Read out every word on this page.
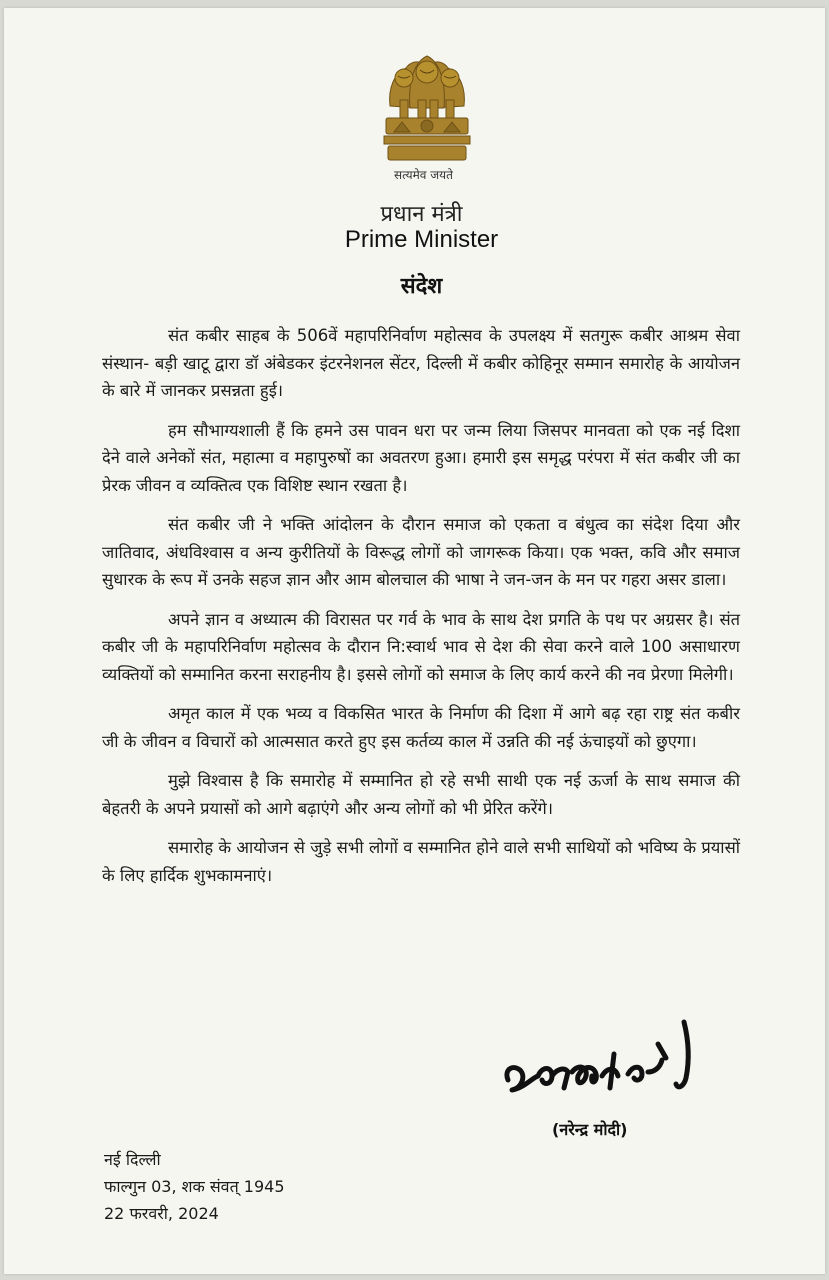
सत्यमेव जयते
प्रधान मंत्री
Prime Minister
संदेश

संत कबीर साहब के 506वें महापरिनिर्वाण महोत्सव के उपलक्ष्य में सतगुरू कबीर आश्रम सेवा संस्थान- बड़ी खाटू द्वारा डॉ अंबेडकर इंटरनेशनल सेंटर, दिल्ली में कबीर कोहिनूर सम्मान समारोह के आयोजन के बारे में जानकर प्रसन्नता हुई।

हम सौभाग्यशाली हैं कि हमने उस पावन धरा पर जन्म लिया जिसपर मानवता को एक नई दिशा देने वाले अनेकों संत, महात्मा व महापुरुषों का अवतरण हुआ। हमारी इस समृद्ध परंपरा में संत कबीर जी का प्रेरक जीवन व व्यक्तित्व एक विशिष्ट स्थान रखता है।

संत कबीर जी ने भक्ति आंदोलन के दौरान समाज को एकता व बंधुत्व का संदेश दिया और जातिवाद, अंधविश्वास व अन्य कुरीतियों के विरूद्ध लोगों को जागरूक किया। एक भक्त, कवि और समाज सुधारक के रूप में उनके सहज ज्ञान और आम बोलचाल की भाषा ने जन-जन के मन पर गहरा असर डाला।

अपने ज्ञान व अध्यात्म की विरासत पर गर्व के भाव के साथ देश प्रगति के पथ पर अग्रसर है। संत कबीर जी के महापरिनिर्वाण महोत्सव के दौरान नि:स्वार्थ भाव से देश की सेवा करने वाले 100 असाधारण व्यक्तियों को सम्मानित करना सराहनीय है। इससे लोगों को समाज के लिए कार्य करने की नव प्रेरणा मिलेगी।

अमृत काल में एक भव्य व विकसित भारत के निर्माण की दिशा में आगे बढ़ रहा राष्ट्र संत कबीर जी के जीवन व विचारों को आत्मसात करते हुए इस कर्तव्य काल में उन्नति की नई ऊंचाइयों को छुएगा।

मुझे विश्वास है कि समारोह में सम्मानित हो रहे सभी साथी एक नई ऊर्जा के साथ समाज की बेहतरी के अपने प्रयासों को आगे बढ़ाएंगे और अन्य लोगों को भी प्रेरित करेंगे।

समारोह के आयोजन से जुड़े सभी लोगों व सम्मानित होने वाले सभी साथियों को भविष्य के प्रयासों के लिए हार्दिक शुभकामनाएं।

(नरेन्द्र मोदी)
नई दिल्ली
फाल्गुन 03, शक संवत् 1945
22 फरवरी, 2024
